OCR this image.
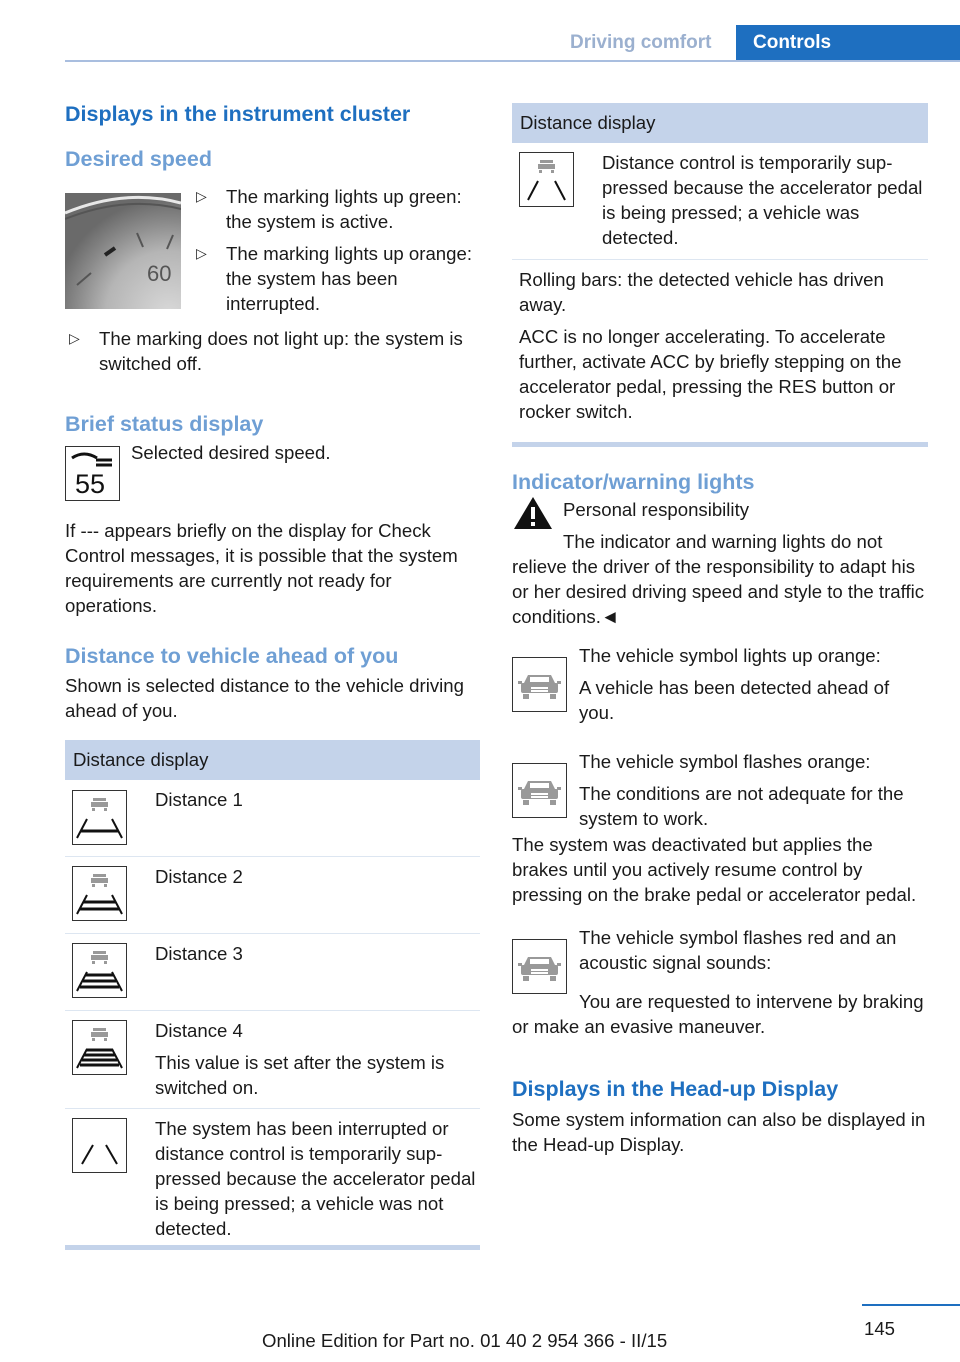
Driving comfort	Controls
Displays in the instrument cluster
Desired speed
60
▷ The marking lights up green: the system is active.
▷ The marking lights up orange: the system has been interrupted.
▷ The marking does not light up: the system is switched off.
Brief status display
55

Selected desired speed.

If --- appears briefly on the display for Check Control messages, it is possible that the system requirements are currently not ready for operations.

Distance to vehicle ahead of you

Shown is selected distance to the vehicle driving ahead of you.

Distance display
Distance 1
Distance 2
Distance 3
Distance 4
This value is set after the system is switched on.
The system has been interrupted or distance control is temporarily suppressed because the accelerator pedal is being pressed; a vehicle was not detected.
Distance display
Distance control is temporarily suppressed because the accelerator pedal is being pressed; a vehicle was detected.

Rolling bars: the detected vehicle has driven away.

ACC is no longer accelerating. To accelerate further, activate ACC by briefly stepping on the accelerator pedal, pressing the RES button or rocker switch.

Indicator/warning lights

Personal responsibility

The indicator and warning lights do not relieve the driver of the responsibility to adapt his or her desired driving speed and style to the traffic conditions.◄

The vehicle symbol lights up orange:

A vehicle has been detected ahead of you.

The vehicle symbol flashes orange:

The conditions are not adequate for the system to work.

The system was deactivated but applies the brakes until you actively resume control by pressing on the brake pedal or accelerator pedal.

The vehicle symbol flashes red and an acoustic signal sounds:

You are requested to intervene by braking or make an evasive maneuver.

Displays in the Head-up Display

Some system information can also be displayed in the Head-up Display.

145
Online Edition for Part no. 01 40 2 954 366 - II/15
